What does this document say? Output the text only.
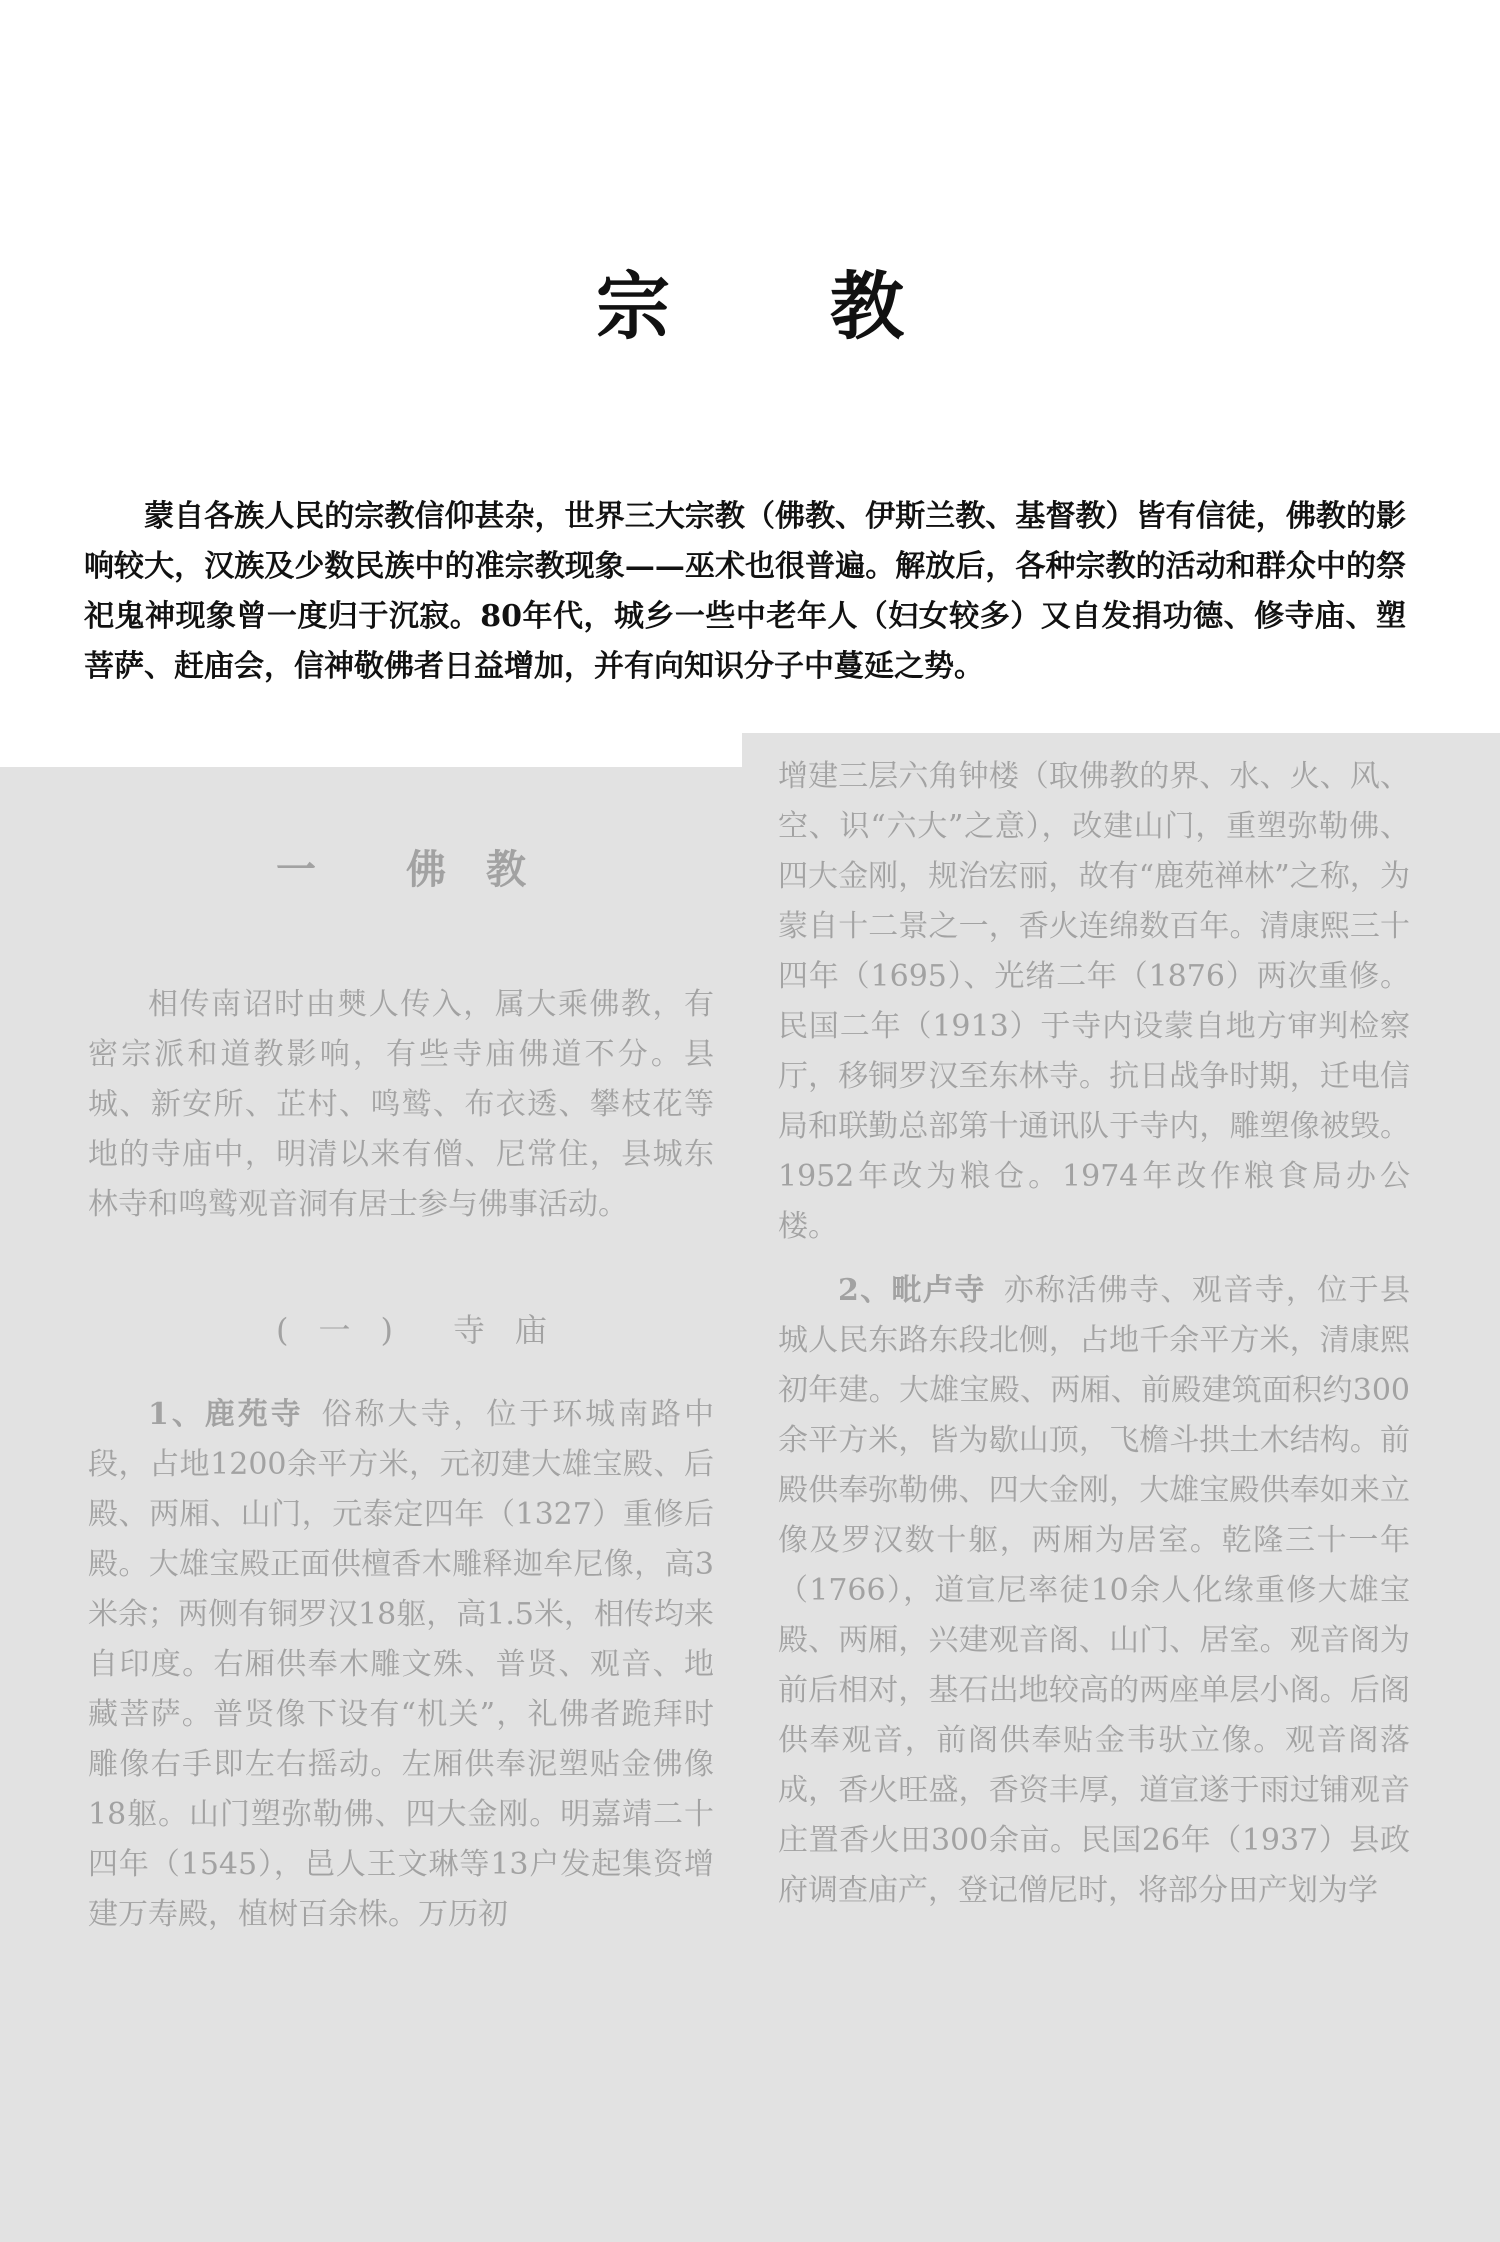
宗教

蒙自各族人民的宗教信仰甚杂，世界三大宗教（佛教、伊斯兰教、基督教）皆有信徒，佛教的影响较大，汉族及少数民族中的准宗教现象——巫术也很普遍。解放后，各种宗教的活动和群众中的祭祀鬼神现象曾一度归于沉寂。80年代，城乡一些中老年人（妇女较多）又自发捐功德、修寺庙、塑菩萨、赶庙会，信神敬佛者日益增加，并有向知识分子中蔓延之势。

一 佛教

相传南诏时由僰人传入，属大乘佛教，有密宗派和道教影响，有些寺庙佛道不分。县城、新安所、芷村、鸣鹫、布衣透、攀枝花等地的寺庙中，明清以来有僧、尼常住，县城东林寺和鸣鹫观音洞有居士参与佛事活动。

(一) 寺庙

1、鹿苑寺 俗称大寺，位于环城南路中段，占地1200余平方米，元初建大雄宝殿、后殿、两厢、山门，元泰定四年（1327）重修后殿。大雄宝殿正面供檀香木雕释迦牟尼像，高3米余；两侧有铜罗汉18躯，高1.5米，相传均来自印度。右厢供奉木雕文殊、普贤、观音、地藏菩萨。普贤像下设有“机关”，礼佛者跪拜时雕像右手即左右摇动。左厢供奉泥塑贴金佛像18躯。山门塑弥勒佛、四大金刚。明嘉靖二十四年（1545），邑人王文琳等13户发起集资增建万寿殿，植树百余株。万历初

增建三层六角钟楼（取佛教的界、水、火、风、空、识“六大”之意），改建山门，重塑弥勒佛、四大金刚，规治宏丽，故有“鹿苑禅林”之称，为蒙自十二景之一，香火连绵数百年。清康熙三十四年（1695）、光绪二年（1876）两次重修。民国二年（1913）于寺内设蒙自地方审判检察厅，移铜罗汉至东林寺。抗日战争时期，迁电信局和联勤总部第十通讯队于寺内，雕塑像被毁。1952年改为粮仓。1974年改作粮食局办公楼。

2、毗卢寺 亦称活佛寺、观音寺，位于县城人民东路东段北侧，占地千余平方米，清康熙初年建。大雄宝殿、两厢、前殿建筑面积约300余平方米，皆为歇山顶，飞檐斗拱土木结构。前殿供奉弥勒佛、四大金刚，大雄宝殿供奉如来立像及罗汉数十躯，两厢为居室。乾隆三十一年（1766），道宣尼率徒10余人化缘重修大雄宝殿、两厢，兴建观音阁、山门、居室。观音阁为前后相对，基石出地较高的两座单层小阁。后阁供奉观音，前阁供奉贴金韦驮立像。观音阁落成，香火旺盛，香资丰厚，道宣遂于雨过铺观音庄置香火田300余亩。民国26年（1937）县政府调查庙产，登记僧尼时，将部分田产划为学
